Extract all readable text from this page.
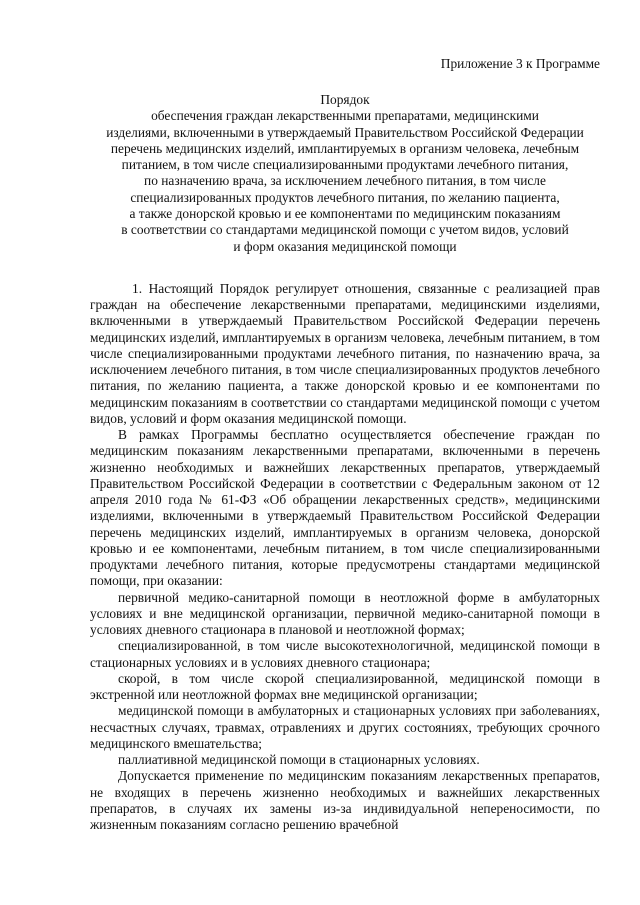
Приложение 3 к Программе
Порядок
обеспечения граждан лекарственными препаратами, медицинскими
изделиями, включенными в утверждаемый Правительством Российской Федерации
перечень медицинских изделий, имплантируемых в организм человека, лечебным
питанием, в том числе специализированными продуктами лечебного питания,
по назначению врача, за исключением лечебного питания, в том числе
специализированных продуктов лечебного питания, по желанию пациента,
а также донорской кровью и ее компонентами по медицинским показаниям
в соответствии со стандартами медицинской помощи с учетом видов, условий
и форм оказания медицинской помощи

1. Настоящий Порядок регулирует отношения, связанные с реализацией прав граждан на обеспечение лекарственными препаратами, медицинскими изделиями, включенными в утверждаемый Правительством Российской Федерации перечень медицинских изделий, имплантируемых в организм человека, лечебным питанием, в том числе специализированными продуктами лечебного питания, по назначению врача, за исключением лечебного питания, в том числе специализированных продуктов лечебного питания, по желанию пациента, а также донорской кровью и ее компонентами по медицинским показаниям в соответствии со стандартами медицинской помощи с учетом видов, условий и форм оказания медицинской помощи.

В рамках Программы бесплатно осуществляется обеспечение граждан по медицинским показаниям лекарственными препаратами, включенными в перечень жизненно необходимых и важнейших лекарственных препаратов, утверждаемый Правительством Российской Федерации в соответствии с Федеральным законом от 12 апреля 2010 года № 61-ФЗ «Об обращении лекарственных средств», медицинскими изделиями, включенными в утверждаемый Правительством Российской Федерации перечень медицинских изделий, имплантируемых в организм человека, донорской кровью и ее компонентами, лечебным питанием, в том числе специализированными продуктами лечебного питания, которые предусмотрены стандартами медицинской помощи, при оказании:

первичной медико-санитарной помощи в неотложной форме в амбулаторных условиях и вне медицинской организации, первичной медико-санитарной помощи в условиях дневного стационара в плановой и неотложной формах;

специализированной, в том числе высокотехнологичной, медицинской помощи в стационарных условиях и в условиях дневного стационара;

скорой, в том числе скорой специализированной, медицинской помощи в экстренной или неотложной формах вне медицинской организации;

медицинской помощи в амбулаторных и стационарных условиях при заболеваниях, несчастных случаях, травмах, отравлениях и других состояниях, требующих срочного медицинского вмешательства;

паллиативной медицинской помощи в стационарных условиях.

Допускается применение по медицинским показаниям лекарственных препаратов, не входящих в перечень жизненно необходимых и важнейших лекарственных препаратов, в случаях их замены из-за индивидуальной непереносимости, по жизненным показаниям согласно решению врачебной
